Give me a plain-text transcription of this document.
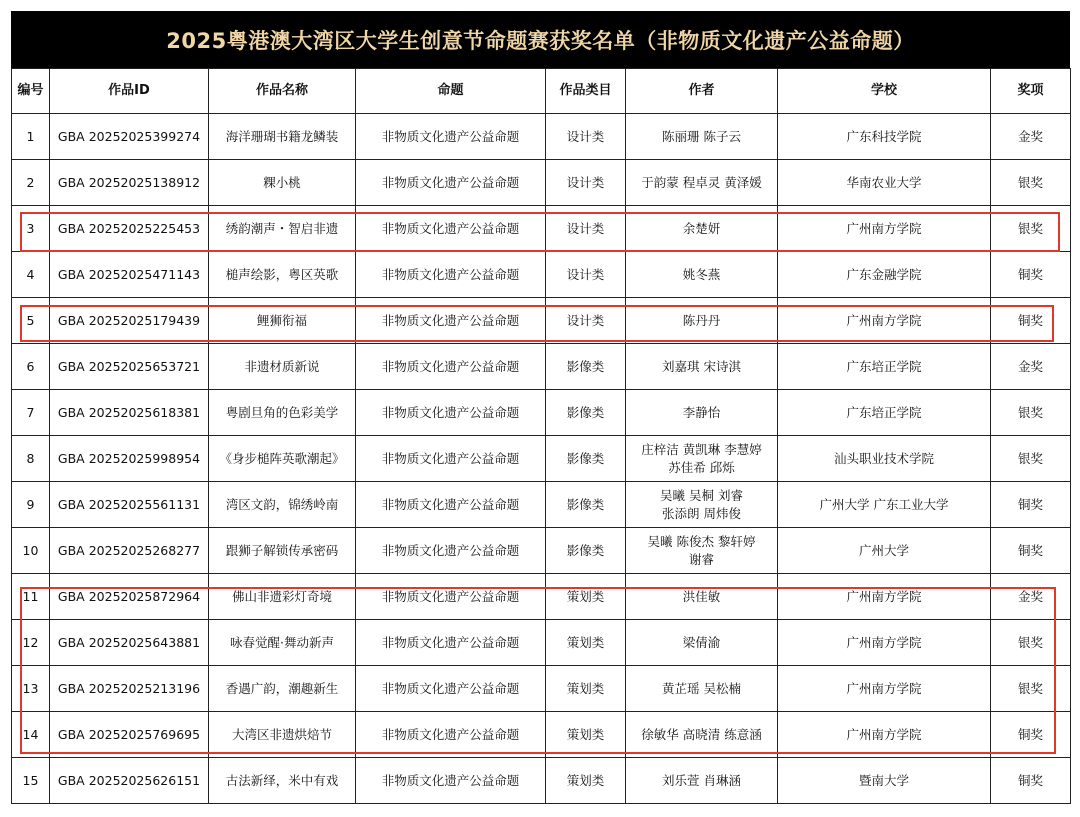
2025粤港澳大湾区大学生创意节命题赛获奖名单（非物质文化遗产公益命题）
编号	作品ID	作品名称	命题	作品类目	作者	学校	奖项
1	GBA 20252025399274	海洋珊瑚书籍龙鳞装	非物质文化遗产公益命题	设计类	陈丽珊 陈子云	广东科技学院	金奖
2	GBA 20252025138912	粿小桃	非物质文化遗产公益命题	设计类	于韵蒙 程卓灵 黄泽媛	华南农业大学	银奖
3	GBA 20252025225453	绣韵潮声・智启非遗	非物质文化遗产公益命题	设计类	余楚妍	广州南方学院	银奖
4	GBA 20252025471143	槌声绘影，粤区英歌	非物质文化遗产公益命题	设计类	姚冬燕	广东金融学院	铜奖
5	GBA 20252025179439	鲤狮衔福	非物质文化遗产公益命题	设计类	陈丹丹	广州南方学院	铜奖
6	GBA 20252025653721	非遗材质新说	非物质文化遗产公益命题	影像类	刘嘉琪 宋诗淇	广东培正学院	金奖
7	GBA 20252025618381	粤剧旦角的色彩美学	非物质文化遗产公益命题	影像类	李静怡	广东培正学院	银奖
8	GBA 20252025998954	《身步槌阵英歌潮起》	非物质文化遗产公益命题	影像类	庄梓洁 黄凯琳 李慧婷
苏佳希 邱烁	汕头职业技术学院	银奖
9	GBA 20252025561131	湾区文韵，锦绣岭南	非物质文化遗产公益命题	影像类	吴曦 吴桐 刘睿
张添朗 周炜俊	广州大学 广东工业大学	铜奖
10	GBA 20252025268277	跟狮子解锁传承密码	非物质文化遗产公益命题	影像类	吴曦 陈俊杰 黎轩婷
谢睿	广州大学	铜奖
11	GBA 20252025872964	佛山非遗彩灯奇境	非物质文化遗产公益命题	策划类	洪佳敏	广州南方学院	金奖
12	GBA 20252025643881	咏春觉醒·舞动新声	非物质文化遗产公益命题	策划类	梁倩渝	广州南方学院	银奖
13	GBA 20252025213196	香遇广韵，潮趣新生	非物质文化遗产公益命题	策划类	黄芷瑶 吴松楠	广州南方学院	银奖
14	GBA 20252025769695	大湾区非遗烘焙节	非物质文化遗产公益命题	策划类	徐敏华 高晓清 练意涵	广州南方学院	铜奖
15	GBA 20252025626151	古法新绎，米中有戏	非物质文化遗产公益命题	策划类	刘乐萱 肖琳涵	暨南大学	铜奖
